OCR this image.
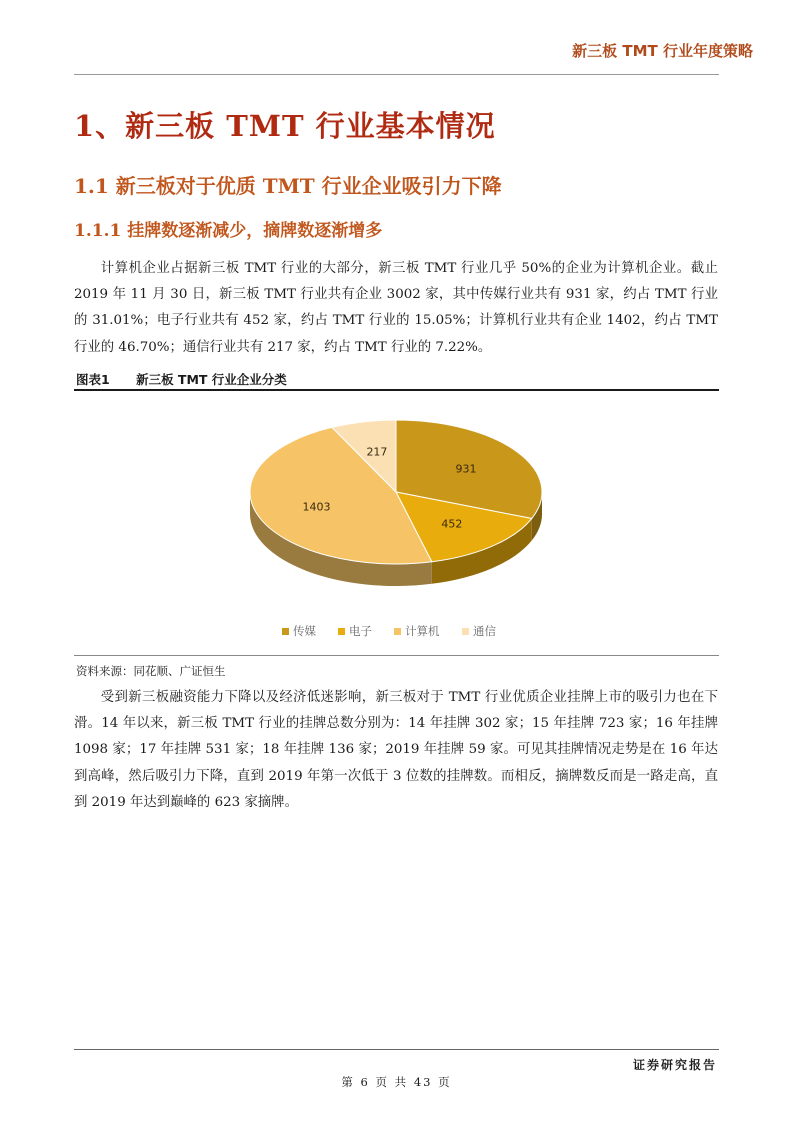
新三板 TMT 行业年度策略
1、新三板 TMT 行业基本情况
1.1 新三板对于优质 TMT 行业企业吸引力下降
1.1.1 挂牌数逐渐减少，摘牌数逐渐增多

计算机企业占据新三板 TMT 行业的大部分，新三板 TMT 行业几乎 50%的企业为计算机企业。截止 2019 年 11 月 30 日，新三板 TMT 行业共有企业 3002 家，其中传媒行业共有 931 家，约占 TMT 行业的 31.01%；电子行业共有 452 家，约占 TMT 行业的 15.05%；计算机行业共有企业 1402，约占 TMT 行业的 46.70%；通信行业共有 217 家，约占 TMT 行业的 7.22%。

图表1 新三板 TMT 行业企业分类
931
452
1403
217
传媒	电子	计算机	通信
资料来源：同花顺、广证恒生

受到新三板融资能力下降以及经济低迷影响，新三板对于 TMT 行业优质企业挂牌上市的吸引力也在下滑。14 年以来，新三板 TMT 行业的挂牌总数分别为：14 年挂牌 302 家；15 年挂牌 723 家；16 年挂牌 1098 家；17 年挂牌 531 家；18 年挂牌 136 家；2019 年挂牌 59 家。可见其挂牌情况走势是在 16 年达到高峰，然后吸引力下降，直到 2019 年第一次低于 3 位数的挂牌数。而相反，摘牌数反而是一路走高，直到 2019 年达到巅峰的 623 家摘牌。

证券研究报告
第 6 页 共 43 页
